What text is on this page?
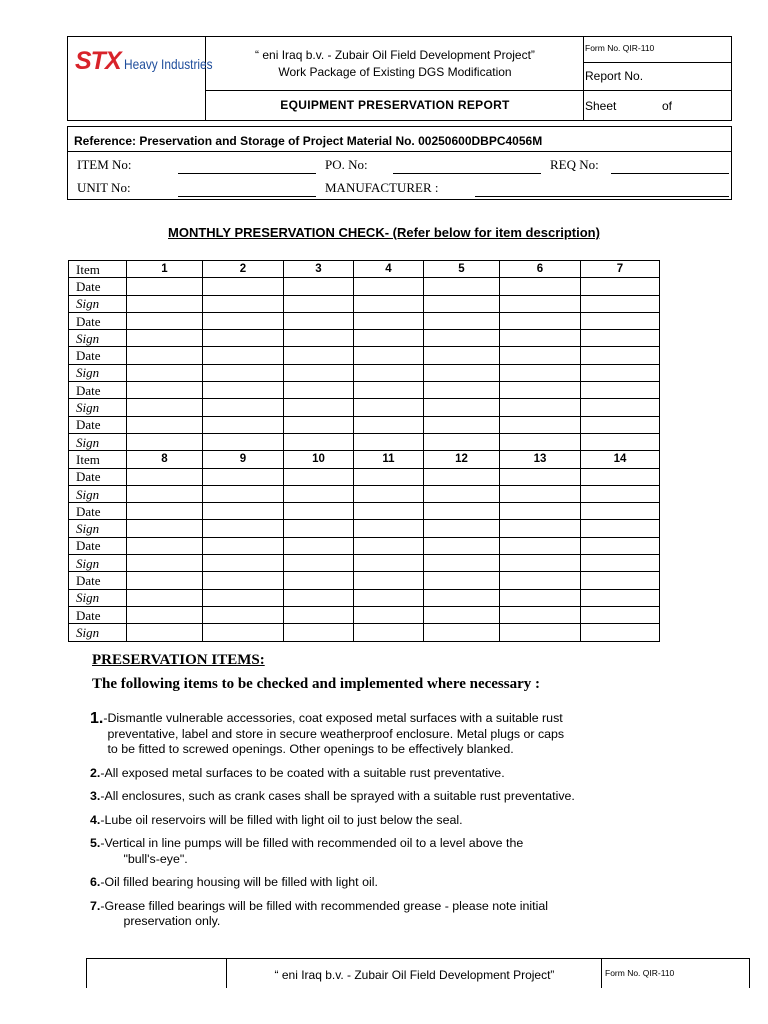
STX Heavy Industries
“ eni Iraq b.v. - Zubair Oil Field Development Project”
Work Package of Existing DGS Modification
EQUIPMENT PRESERVATION REPORT
Form No. QIR-110
Report No.
Sheet	of
Reference: Preservation and Storage of Project Material No. 00250600DBPC4056M
ITEM No:	PO. No:	REQ No:
UNIT No:	MANUFACTURER :
MONTHLY PRESERVATION CHECK- (Refer below for item description)
Item	1	2	3	4	5	6	7
Date							
Sign							
Date							
Sign							
Date							
Sign							
Date							
Sign							
Date							
Sign							
Item	8	9	10	11	12	13	14
Date							
Sign							
Date							
Sign							
Date							
Sign							
Date							
Sign							
Date							
Sign							
PRESERVATION ITEMS:
The following items to be checked and implemented where necessary :
1. - Dismantle vulnerable accessories, coat exposed metal surfaces with a suitable rust
preventative, label and store in secure weatherproof enclosure. Metal plugs or caps
to be fitted to screwed openings. Other openings to be effectively blanked.
2. - All exposed metal surfaces to be coated with a suitable rust preventative.
3. - All enclosures, such as crank cases shall be sprayed with a suitable rust preventative.
4. - Lube oil reservoirs will be filled with light oil to just below the seal.
5. - Vertical in line pumps will be filled with recommended oil to a level above the
"bull's-eye".
6. - Oil filled bearing housing will be filled with light oil.
7. - Grease filled bearings will be filled with recommended grease - please note initial
preservation only.
“ eni Iraq b.v. - Zubair Oil Field Development Project”	Form No. QIR-110
